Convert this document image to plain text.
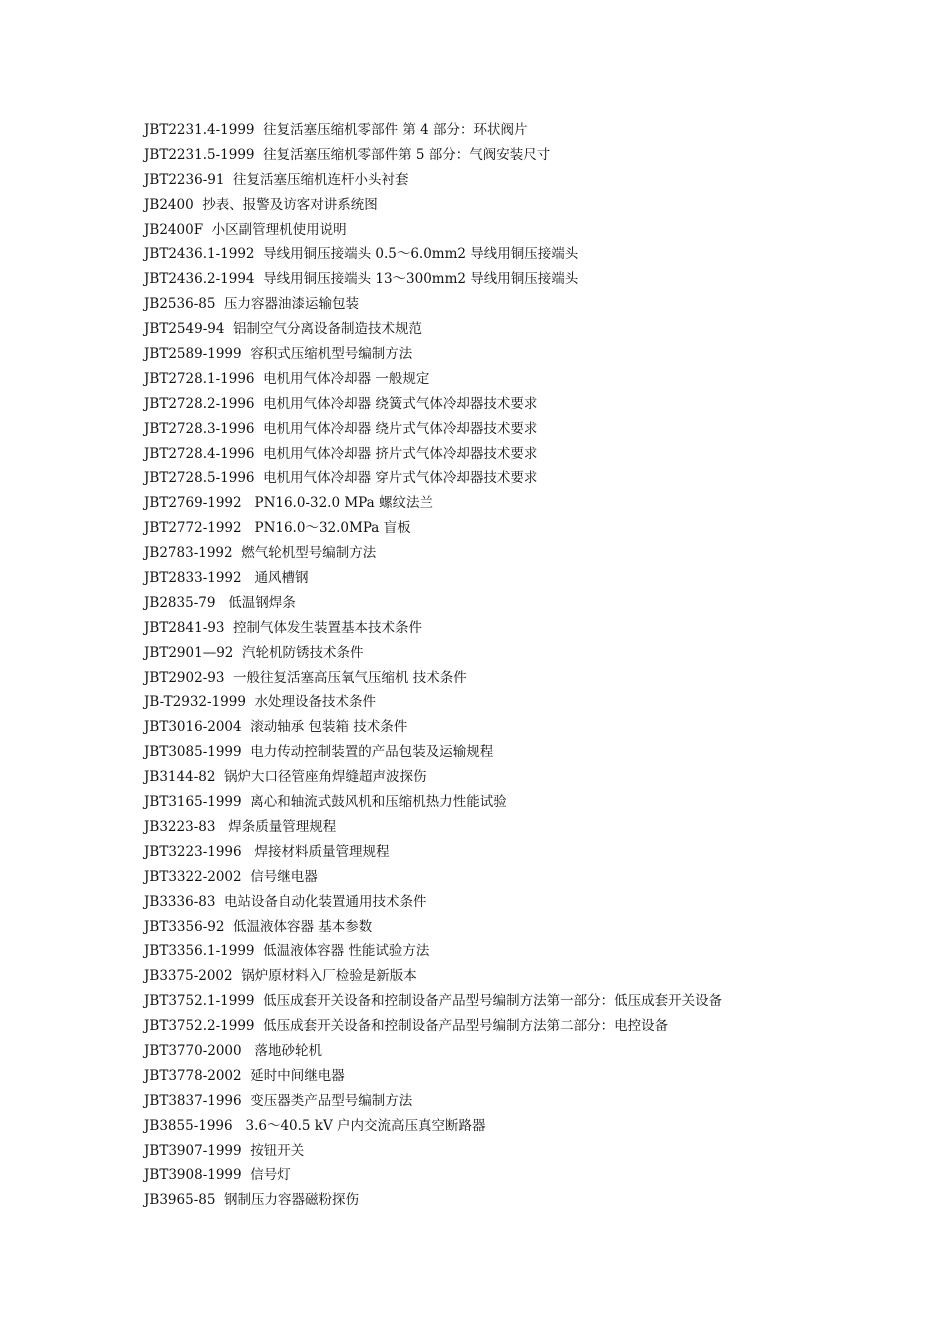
JBT2231.4-1999  往复活塞压缩机零部件 第 4 部分：环状阀片
JBT2231.5-1999  往复活塞压缩机零部件第 5 部分：气阀安装尺寸
JBT2236-91  往复活塞压缩机连杆小头衬套
JB2400  抄表、报警及访客对讲系统图
JB2400F  小区副管理机使用说明
JBT2436.1-1992  导线用铜压接端头 0.5～6.0mm2 导线用铜压接端头
JBT2436.2-1994  导线用铜压接端头 13～300mm2 导线用铜压接端头
JB2536-85  压力容器油漆运输包装
JBT2549-94  铝制空气分离设备制造技术规范
JBT2589-1999  容积式压缩机型号编制方法
JBT2728.1-1996  电机用气体冷却器 一般规定
JBT2728.2-1996  电机用气体冷却器 绕簧式气体冷却器技术要求
JBT2728.3-1996  电机用气体冷却器 绕片式气体冷却器技术要求
JBT2728.4-1996  电机用气体冷却器 挤片式气体冷却器技术要求
JBT2728.5-1996  电机用气体冷却器 穿片式气体冷却器技术要求
JBT2769-1992   PN16.0-32.0 MPa 螺纹法兰
JBT2772-1992   PN16.0～32.0MPa 盲板
JB2783-1992  燃气轮机型号编制方法
JBT2833-1992   通风槽钢
JB2835-79   低温钢焊条
JBT2841-93  控制气体发生装置基本技术条件
JBT2901—92  汽轮机防锈技术条件
JBT2902-93  一般往复活塞高压氧气压缩机 技术条件
JB-T2932-1999  水处理设备技术条件
JBT3016-2004  滚动轴承 包装箱 技术条件
JBT3085-1999  电力传动控制装置的产品包装及运输规程
JB3144-82  锅炉大口径管座角焊缝超声波探伤
JBT3165-1999  离心和轴流式鼓风机和压缩机热力性能试验
JB3223-83   焊条质量管理规程
JBT3223-1996   焊接材料质量管理规程
JBT3322-2002  信号继电器
JB3336-83  电站设备自动化装置通用技术条件
JBT3356-92  低温液体容器 基本参数
JBT3356.1-1999  低温液体容器 性能试验方法
JB3375-2002  锅炉原材料入厂检验是新版本
JBT3752.1-1999  低压成套开关设备和控制设备产品型号编制方法第一部分：低压成套开关设备
JBT3752.2-1999  低压成套开关设备和控制设备产品型号编制方法第二部分：电控设备
JBT3770-2000   落地砂轮机
JBT3778-2002  延时中间继电器
JBT3837-1996  变压器类产品型号编制方法
JB3855-1996   3.6～40.5 kV 户内交流高压真空断路器
JBT3907-1999  按钮开关
JBT3908-1999  信号灯
JB3965-85  钢制压力容器磁粉探伤
